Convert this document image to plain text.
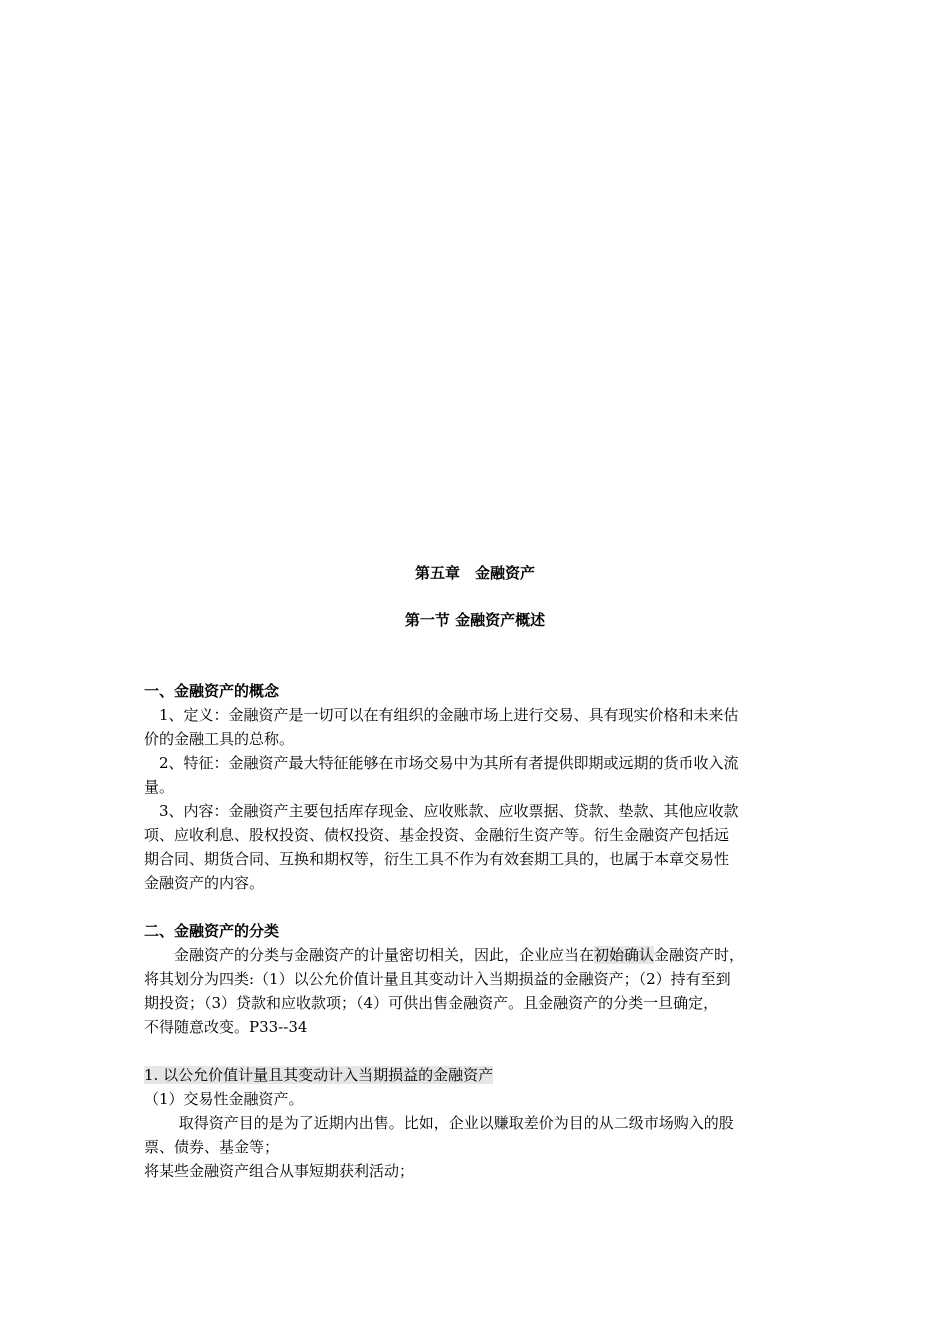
第五章　金融资产
第一节 金融资产概述
一、金融资产的概念
　1、定义：金融资产是一切可以在有组织的金融市场上进行交易、具有现实价格和未来估
价的金融工具的总称。
　2、特征：金融资产最大特征能够在市场交易中为其所有者提供即期或远期的货币收入流
量。
　3、内容：金融资产主要包括库存现金、应收账款、应收票据、贷款、垫款、其他应收款
项、应收利息、股权投资、债权投资、基金投资、金融衍生资产等。衍生金融资产包括远
期合同、期货合同、互换和期权等，衍生工具不作为有效套期工具的，也属于本章交易性
金融资产的内容。
二、金融资产的分类
　　金融资产的分类与金融资产的计量密切相关，因此，企业应当在初始确认金融资产时，
将其划分为四类:（1）以公允价值计量且其变动计入当期损益的金融资产；（2）持有至到
期投资；（3）贷款和应收款项；（4）可供出售金融资产。且金融资产的分类一旦确定，
不得随意改变。P33--34
1. 以公允价值计量且其变动计入当期损益的金融资产
（1）交易性金融资产。
　　 取得资产目的是为了近期内出售。比如，企业以赚取差价为目的从二级市场购入的股
票、债券、基金等；
将某些金融资产组合从事短期获利活动；
